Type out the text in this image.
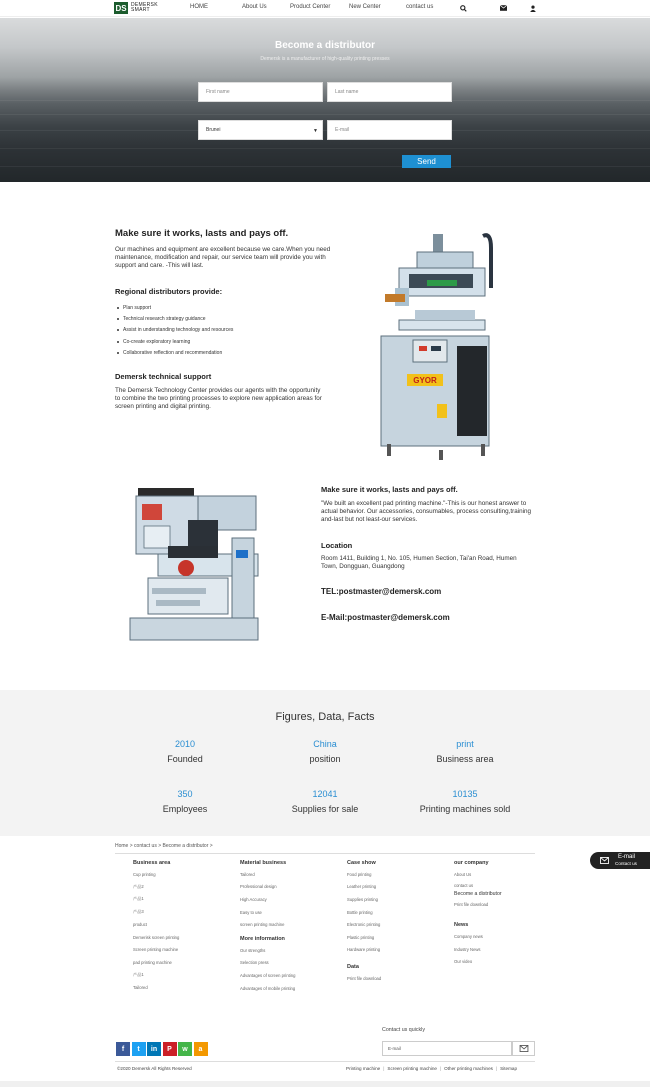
DS DEMERSK
SMART	HOME	About Us	Product Center	New Center	contact us
Become a distributor
Demersk is a manufacturer of high-quality printing presses
First name	Last name
Brunei	▼	E-mail
Send
Make sure it works, lasts and pays off.
Our machines and equipment are excellent because we care.When you need maintenance, modification and repair, our service team will provide you with support and care. -This will last.
Regional distributors provide:
Plan support
Technical research strategy guidance
Assist in understanding technology and resources
Co-create exploratory learning
Collaborative reflection and recommendation
Demersk technical support
The Demersk Technology Center provides our agents with the opportunity to combine the two printing processes to explore new application areas for screen printing and digital printing.
GYOR
Make sure it works, lasts and pays off.
"We built an excellent pad printing machine."-This is our honest answer to actual behavior. Our accessories, consumables, process consulting,training and-last but not least-our services.
Location
Room 1411, Building 1, No. 105, Humen Section, Tai'an Road, Humen Town, Dongguan, Guangdong
TEL:postmaster@demersk.com
E-Mail:postmaster@demersk.com
Figures, Data, Facts
2010
Founded
China
position
print
Business area
350
Employees
12041
Supplies for sale
10135
Printing machines sold
Home > contact us > Become a distributor >
Business area
Cup printing
产品2
产品1
产品3
product
Demerisk screen printing
Screen printing machine
pad printing machine
产品1
Tailored
Material business
Tailored
Professional design
High Accuracy
Easy to use
screen printing machine
More information
Our strengths
Selection press
Advantages of screen printing
Advantages of mobile printing
Case show
Food printing
Leather printing
Supplies printing
Bottle printing
Electronic printing
Plastic printing
Hardware printing
Data
Print file download
our company
About Us
contact us
Become a distributor
Print file download
News
Company news
Industry News
Our video
E-mail
Contact us
Contact us quickly
E-mail
f	t	in	P	w	a
©2020 Demersk All Rights Reserved	Printing machine | Screen printing machine | Other printing machines | Sitemap
